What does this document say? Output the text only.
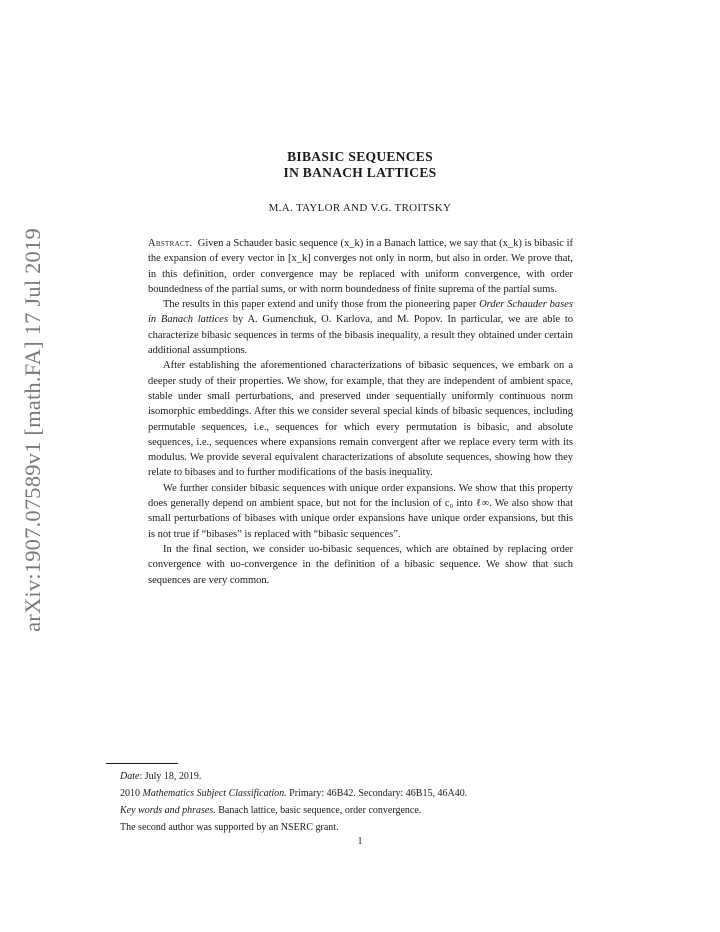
arXiv:1907.07589v1 [math.FA] 17 Jul 2019
BIBASIC SEQUENCES
IN BANACH LATTICES
M.A. TAYLOR AND V.G. TROITSKY

Abstract. Given a Schauder basic sequence (x_k) in a Banach lattice, we say that (x_k) is bibasic if the expansion of every vector in [x_k] converges not only in norm, but also in order. We prove that, in this definition, order convergence may be replaced with uniform convergence, with order boundedness of the partial sums, or with norm boundedness of finite suprema of the partial sums.

The results in this paper extend and unify those from the pioneering paper Order Schauder bases in Banach lattices by A. Gumenchuk, O. Karlova, and M. Popov. In particular, we are able to characterize bibasic sequences in terms of the bibasis inequality, a result they obtained under certain additional assumptions.

After establishing the aforementioned characterizations of bibasic sequences, we embark on a deeper study of their properties. We show, for example, that they are independent of ambient space, stable under small perturbations, and preserved under sequentially uniformly continuous norm isomorphic embeddings. After this we consider several special kinds of bibasic sequences, including permutable sequences, i.e., sequences for which every permutation is bibasic, and absolute sequences, i.e., sequences where expansions remain convergent after we replace every term with its modulus. We provide several equivalent characterizations of absolute sequences, showing how they relate to bibases and to further modifications of the basis inequality.

We further consider bibasic sequences with unique order expansions. We show that this property does generally depend on ambient space, but not for the inclusion of c₀ into ℓ∞. We also show that small perturbations of bibases with unique order expansions have unique order expansions, but this is not true if “bibases” is replaced with “bibasic sequences”.

In the final section, we consider uo-bibasic sequences, which are obtained by replacing order convergence with uo-convergence in the definition of a bibasic sequence. We show that such sequences are very common.

Date: July 18, 2019.
2010 Mathematics Subject Classification. Primary: 46B42. Secondary: 46B15, 46A40.
Key words and phrases. Banach lattice, basic sequence, order convergence.
The second author was supported by an NSERC grant.
1
